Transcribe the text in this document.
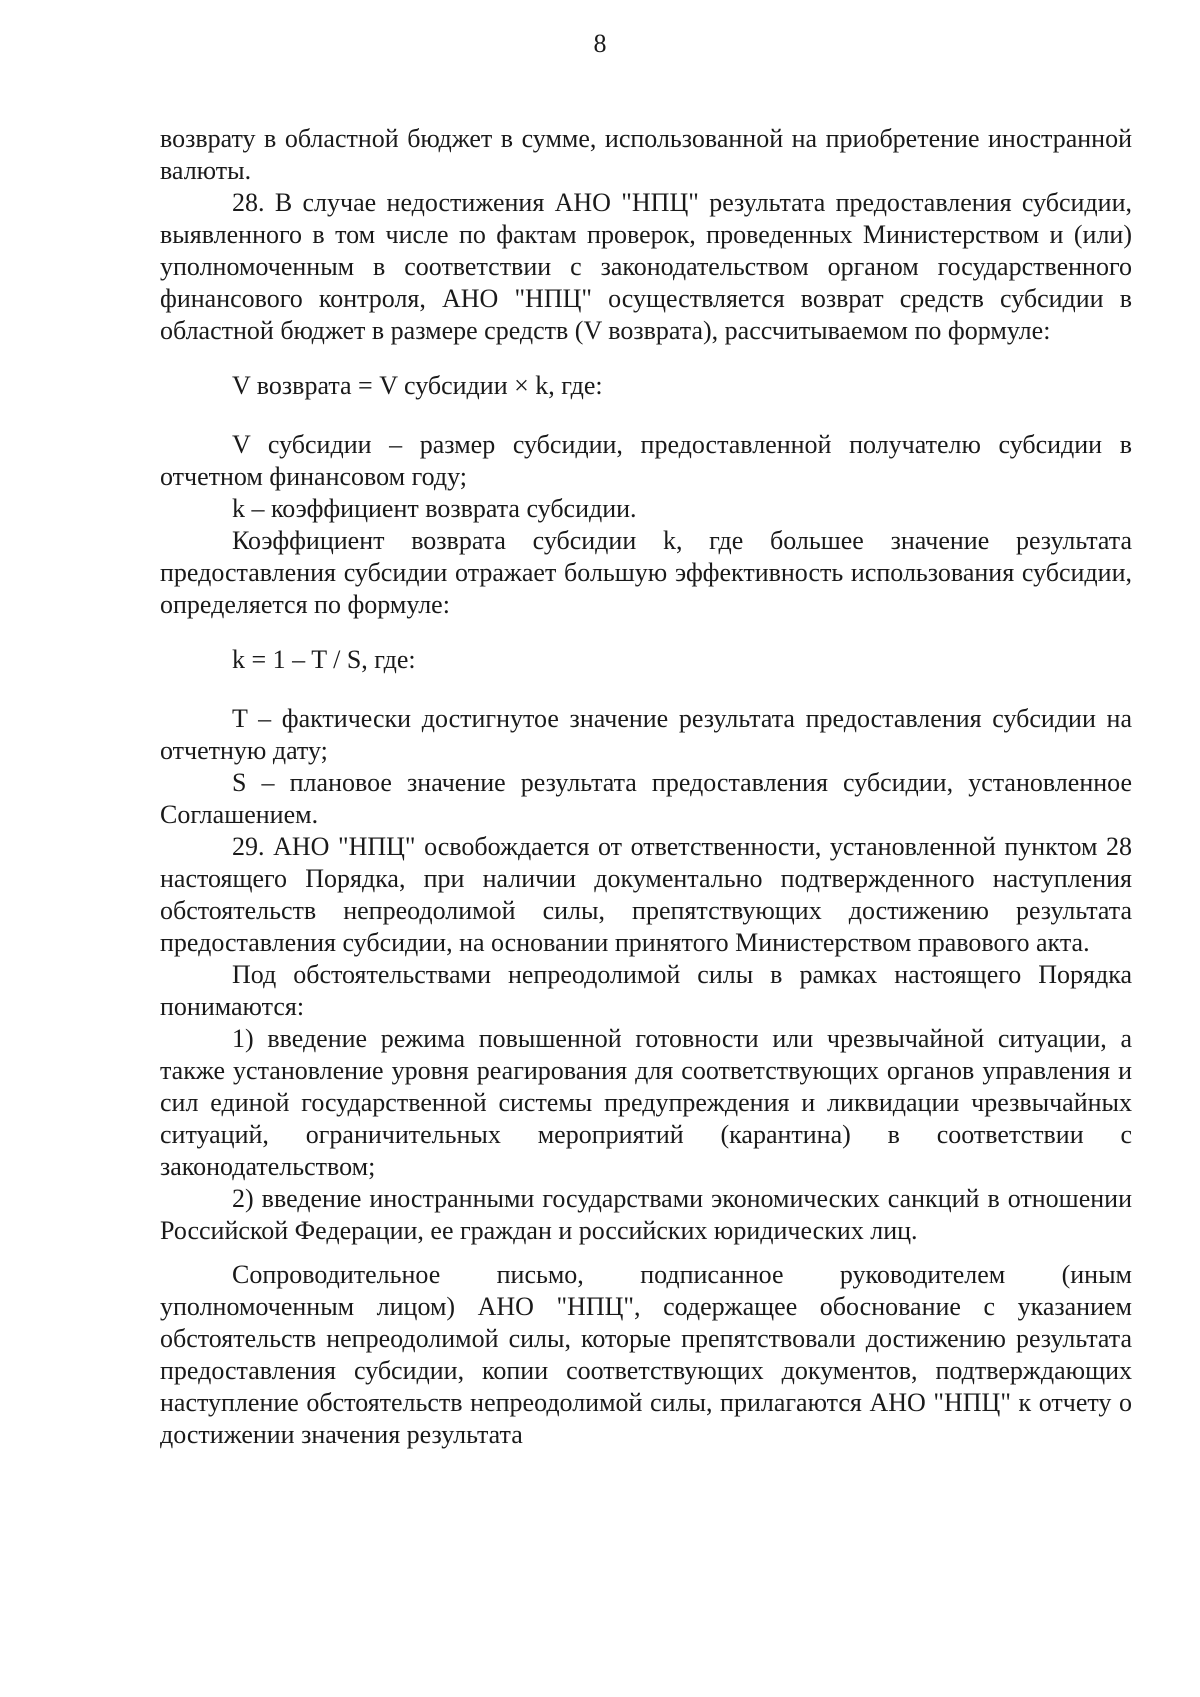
8

возврату в областной бюджет в сумме, использованной на приобретение иностранной валюты.

28. В случае недостижения АНО "НПЦ" результата предоставления субсидии, выявленного в том числе по фактам проверок, проведенных Министерством и (или) уполномоченным в соответствии с законодательством органом государственного финансового контроля, АНО "НПЦ" осуществляется возврат средств субсидии в областной бюджет в размере средств (V возврата), рассчитываемом по формуле:

V возврата = V субсидии × k, где:

V субсидии – размер субсидии, предоставленной получателю субсидии в отчетном финансовом году;

k – коэффициент возврата субсидии.

Коэффициент возврата субсидии k, где большее значение результата предоставления субсидии отражает большую эффективность использования субсидии, определяется по формуле:

k = 1 – T / S, где:

T – фактически достигнутое значение результата предоставления субсидии на отчетную дату;

S – плановое значение результата предоставления субсидии, установленное Соглашением.

29. АНО "НПЦ" освобождается от ответственности, установленной пунктом 28 настоящего Порядка, при наличии документально подтвержденного наступления обстоятельств непреодолимой силы, препятствующих достижению результата предоставления субсидии, на основании принятого Министерством правового акта.

Под обстоятельствами непреодолимой силы в рамках настоящего Порядка понимаются:

1) введение режима повышенной готовности или чрезвычайной ситуации, а также установление уровня реагирования для соответствующих органов управления и сил единой государственной системы предупреждения и ликвидации чрезвычайных ситуаций, ограничительных мероприятий (карантина) в соответствии с законодательством;

2) введение иностранными государствами экономических санкций в отношении Российской Федерации, ее граждан и российских юридических лиц.

Сопроводительное письмо, подписанное руководителем (иным уполномоченным лицом) АНО "НПЦ", содержащее обоснование с указанием обстоятельств непреодолимой силы, которые препятствовали достижению результата предоставления субсидии, копии соответствующих документов, подтверждающих наступление обстоятельств непреодолимой силы, прилагаются АНО "НПЦ" к отчету о достижении значения результата
